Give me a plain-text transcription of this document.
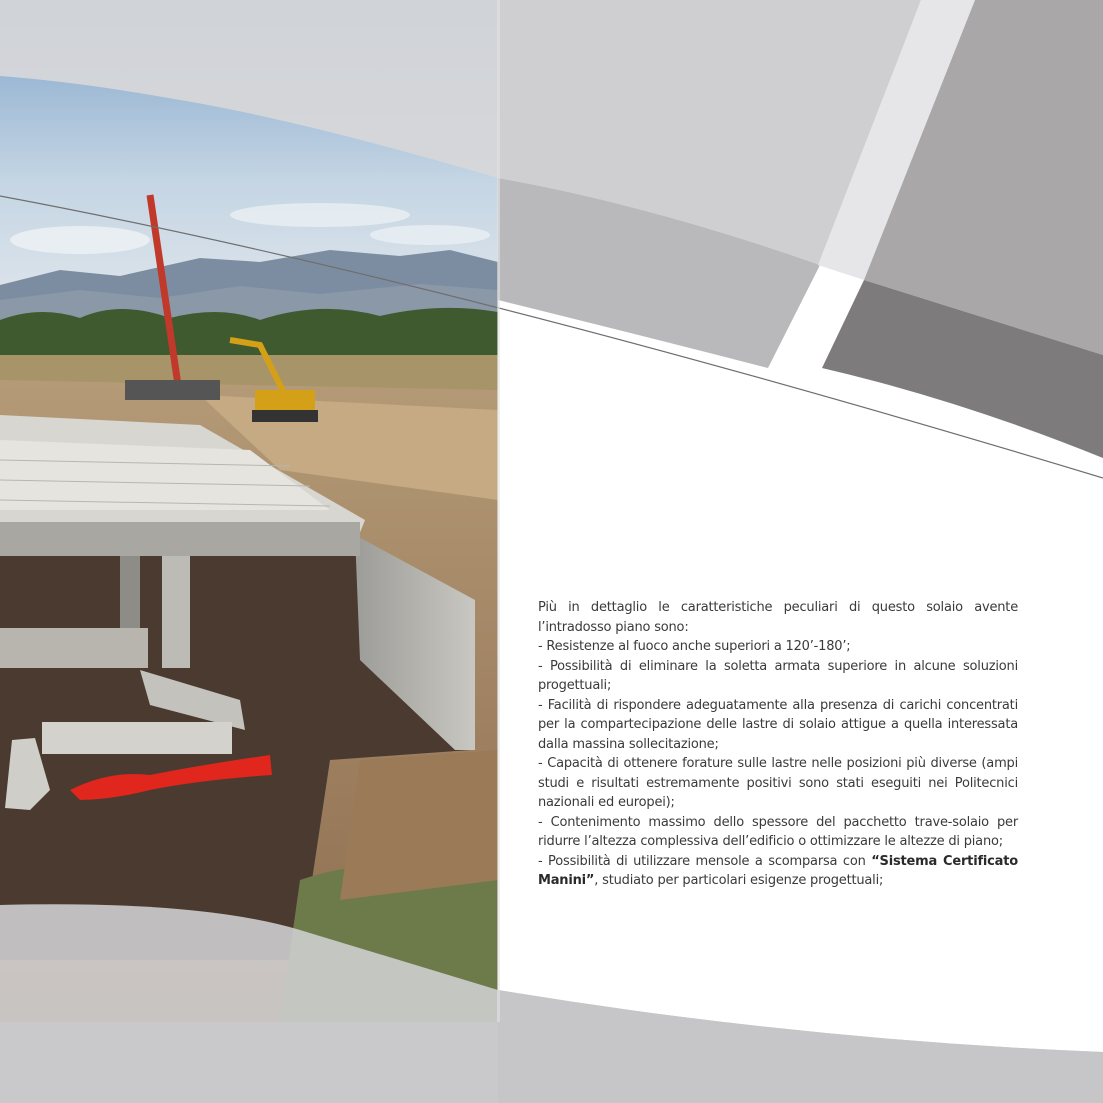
Più in dettaglio le caratteristiche peculiari di questo solaio avente l’intradosso piano sono:

- Resistenze al fuoco anche superiori a 120’-180’;

- Possibilità di eliminare la soletta armata superiore in alcune soluzioni progettuali;

- Facilità di rispondere adeguatamente alla presenza di carichi concentrati per la compartecipazione delle lastre di solaio attigue a quella interessata dalla massina sollecitazione;

- Capacità di ottenere forature sulle lastre nelle posizioni più diverse (ampi studi e risultati estremamente positivi sono stati eseguiti nei Politecnici nazionali ed europei);

- Contenimento massimo dello spessore del pacchetto trave-solaio per ridurre l’altezza complessiva dell’edificio o ottimizzare le altezze di piano;

- Possibilità di utilizzare mensole a scomparsa con “Sistema Certificato Manini”, studiato per particolari esigenze progettuali;
